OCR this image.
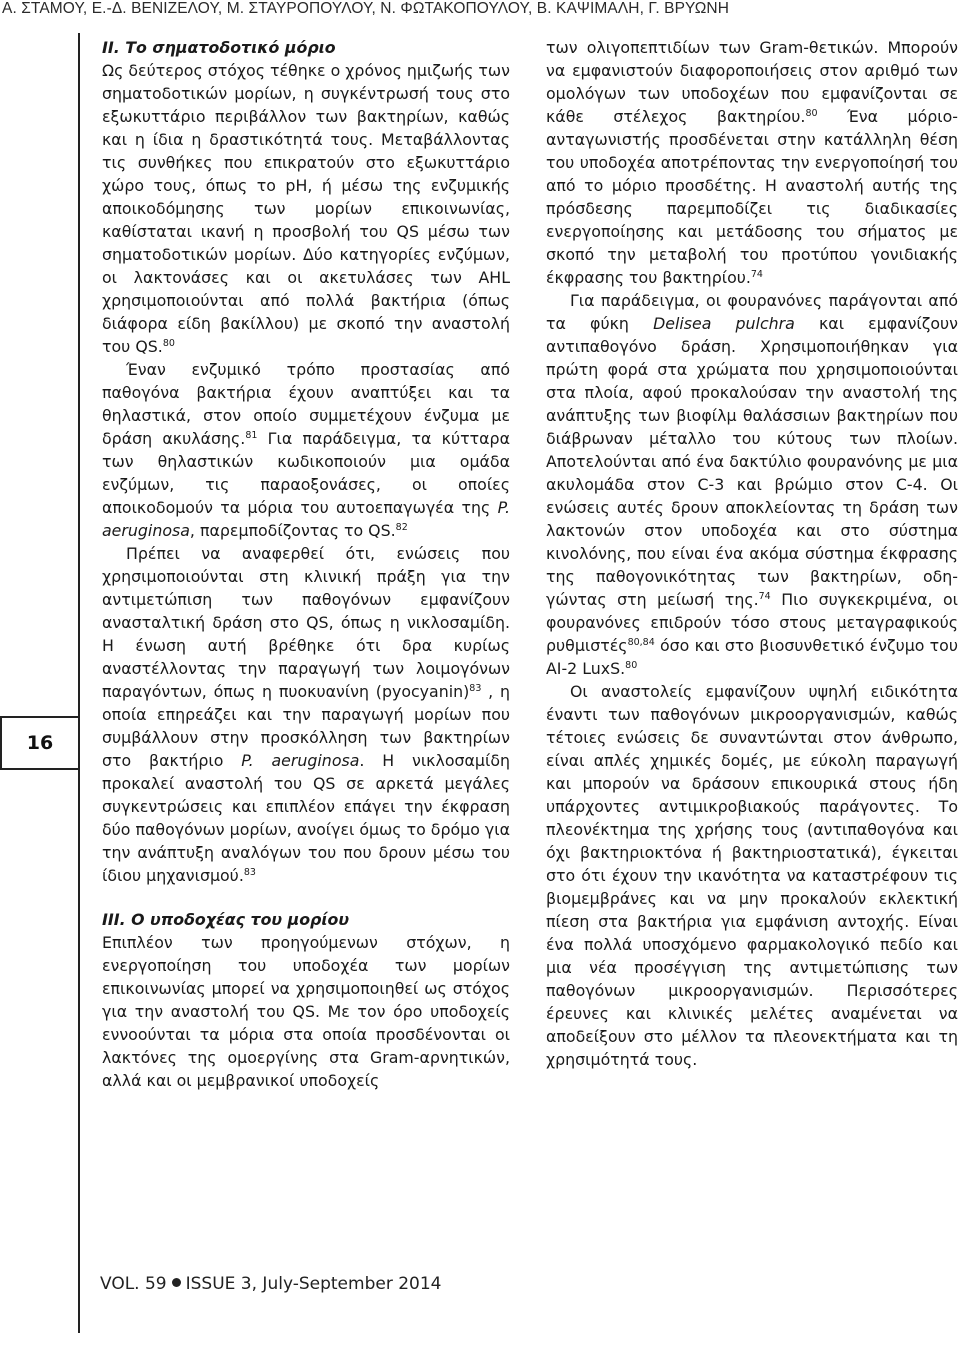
Α. ΣΤΑΜΟΥ, Ε.-Δ. ΒΕΝΙΖΕΛΟΥ, Μ. ΣΤΑΥΡΟΠΟΥΛΟΥ, Ν. ΦΩΤΑΚΟΠΟΥΛΟΥ, Β. ΚΑΨΙΜΑΛΗ, Γ. ΒΡΥΩΝΗ
16

ΙΙ. Το σηματοδοτικό μόριο

Ως δεύτερος στόχος τέθηκε ο χρόνος ημιζωής των σηματοδοτικών μορίων, η συγκέντρωσή τους στο εξωκυττάριο περιβάλλον των βακτηρίων, καθώς και η ίδια η δραστικότητά τους. Μεταβάλλοντας τις συνθήκες που επικρατούν στο εξωκυττάριο χώρο τους, όπως το pH, ή μέσω της ενζυμικής αποικοδόμησης των μορίων επικοινωνίας, καθίσταται ικανή η προσβολή του QS μέσω των σηματοδοτικών μορίων. Δύο κατηγορίες ενζύμων, οι λακτονάσες και οι ακετυλάσες των AHL χρησιμοποιούνται από πολλά βακτήρια (όπως διάφορα είδη βακίλλου) με σκοπό την αναστολή του QS.$^{80}$

Έναν ενζυμικό τρόπο προστασίας από παθογόνα βακτήρια έχουν αναπτύξει και τα θηλαστικά, στον οποίο συμμετέχουν ένζυμα με δράση ακυλάσης.$^{81}$ Για παράδειγμα, τα κύτταρα των θηλαστικών κωδικοποιούν μια ομάδα ενζύμων, τις παραοξονάσες, οι οποίες αποικοδομούν τα μόρια του αυτοεπαγωγέα της P. aeruginosa, παρεμποδίζοντας το QS.$^{82}$

Πρέπει να αναφερθεί ότι, ενώσεις που χρησιμοποιούνται στη κλινική πράξη για την αντιμετώπιση των παθογόνων εμφανίζουν ανασταλτική δράση στο QS, όπως η νικλοσαμίδη. Η ένωση αυτή βρέθηκε ότι δρα κυρίως αναστέλλοντας την παραγωγή των λοιμογόνων παραγόντων, όπως η πυοκυανίνη (pyocyanin)$^{83}$ , η οποία επηρεάζει και την παραγωγή μορίων που συμβάλλουν στην προσκόλληση των βακτηρίων στο βακτήριο P. aeruginosa. Η νικλοσαμίδη προκαλεί αναστολή του QS σε αρκετά μεγάλες συγκεντρώσεις και επιπλέον επάγει την έκφραση δύο παθογόνων μορίων, ανοίγει όμως το δρόμο για την ανάπτυξη αναλόγων του που δρουν μέσω του ίδιου μηχανισμού.$^{83}$

ΙΙΙ. Ο υποδοχέας του μορίου

Επιπλέον των προηγούμενων στόχων, η ενεργοποίηση του υποδοχέα των μορίων επικοινωνίας μπορεί να χρησιμοποιηθεί ως στόχος για την αναστολή του QS. Με τον όρο υποδοχείς εννοούνται τα μόρια στα οποία προσδένονται οι λακτόνες της ομοεργίνης στα Gram-αρνητικών, αλλά και οι μεμβρανικοί υποδοχείς

των ολιγοπεπτιδίων των Gram-θετικών. Μπορούν να εμφανιστούν διαφοροποιήσεις στον αριθμό των ομολόγων των υποδοχέων που εμφανίζονται σε κάθε στέλεχος βακτηρίου.$^{80}$ Ένα μόριο-ανταγωνιστής προσδένεται στην κατάλληλη θέση του υποδοχέα αποτρέποντας την ενεργοποίησή του από το μόριο προσδέτης. Η αναστολή αυτής της πρόσδεσης παρεμποδίζει τις διαδικασίες ενεργοποίησης και μετάδοσης του σήματος με σκοπό την μεταβολή του προτύπου γονιδιακής έκφρασης του βακτηρίου.$^{74}$

Για παράδειγμα, οι φουρανόνες παράγονται από τα φύκη Delisea pulchra και εμφανίζουν αντιπαθογόνο δράση. Χρησιμοποιήθηκαν για πρώτη φορά στα χρώματα που χρησιμοποιούνται στα πλοία, αφού προκαλούσαν την αναστολή της ανάπτυξης των βιοφίλμ θαλάσσιων βακτηρίων που διάβρωναν μέταλλο του κύτους των πλοίων. Αποτελούνται από ένα δακτύλιο φουρανόνης με μια ακυλομάδα στον C-3 και βρώμιο στον C-4. Οι ενώσεις αυτές δρουν αποκλείοντας τη δράση των λακτονών στον υποδοχέα και στο σύστημα κινολόνης, που είναι ένα ακόμα σύστημα έκφρασης της παθογονικότητας των βακτηρίων, οδη- γώντας στη μείωσή της.$^{74}$ Πιο συγκεκριμένα, οι φουρανόνες επιδρούν τόσο στους μεταγραφικούς ρυθμιστές$^{80,84}$ όσο και στο βιοσυνθετικό ένζυμο του AI-2 LuxS.$^{80}$

Οι αναστολείς εμφανίζουν υψηλή ειδικότητα έναντι των παθογόνων μικροοργανισμών, καθώς τέτοιες ενώσεις δε συναντώνται στον άνθρωπο, είναι απλές χημικές δομές, με εύκολη παραγωγή και μπορούν να δράσουν επικουρικά στους ήδη υπάρχοντες αντιμικροβιακούς παράγοντες. Το πλεονέκτημα της χρήσης τους (αντιπαθογόνα και όχι βακτηριοκτόνα ή βακτηριοστατικά), έγκειται στο ότι έχουν την ικανότητα να καταστρέφουν τις βιομεμβράνες και να μην προκαλούν εκλεκτική πίεση στα βακτήρια για εμφάνιση αντοχής. Είναι ένα πολλά υποσχόμενο φαρμακολογικό πεδίο και μια νέα προσέγγιση της αντιμετώπισης των παθογόνων μικροοργανισμών. Περισσότερες έρευνες και κλινικές μελέτες αναμένεται να αποδείξουν στο μέλλον τα πλεονεκτήματα και τη χρησιμότητά τους.

VOL. 59 ISSUE 3, July-September 2014
